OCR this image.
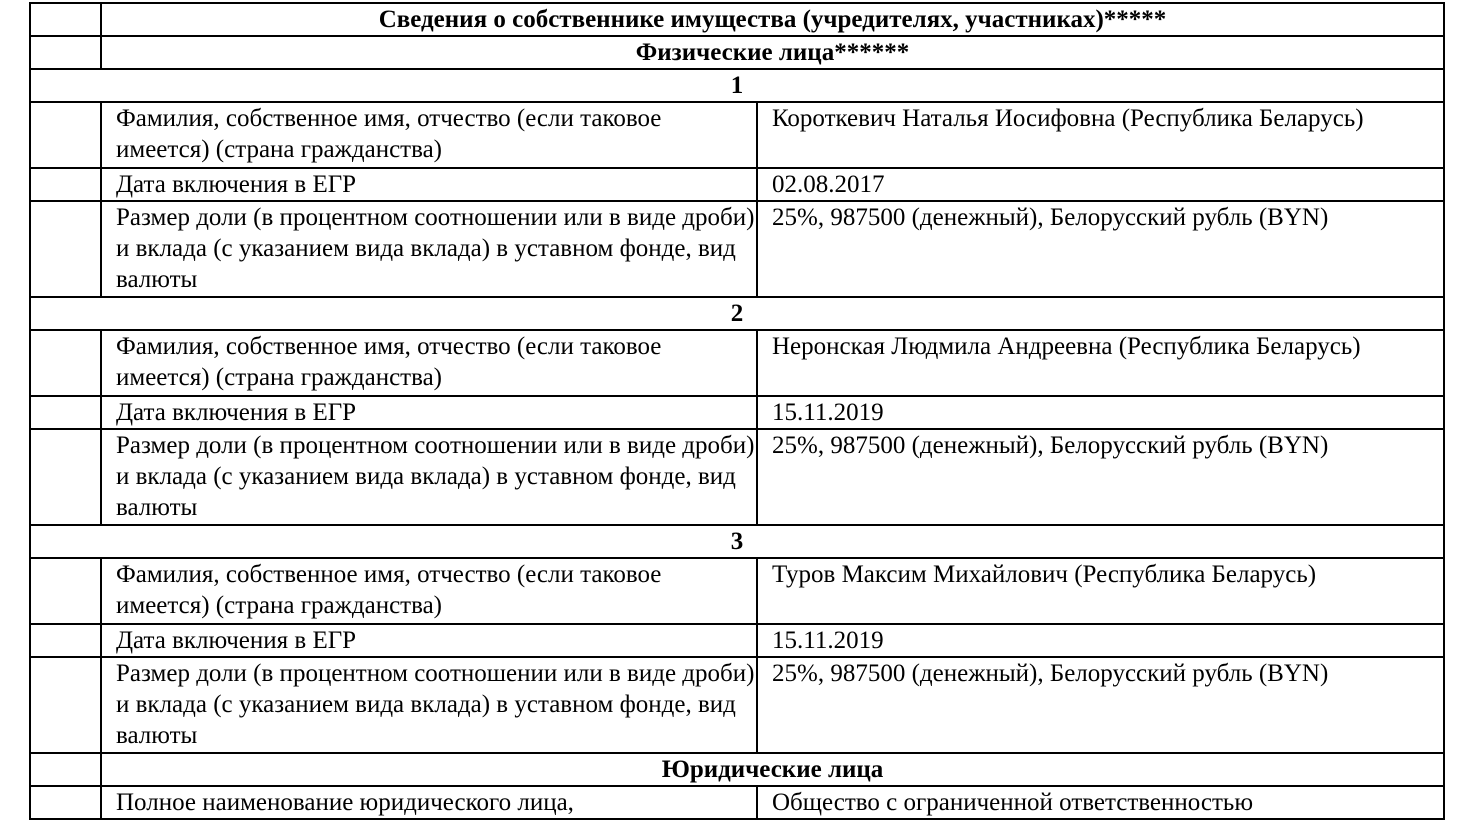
	Сведения о собственнике имущества (учредителях, участниках)*****	
	Физические лица******	
1		
	Фамилия, собственное имя, отчество (если таковое имеется) (страна гражданства)	Короткевич Наталья Иосифовна (Республика Беларусь)
	Дата включения в ЕГР	02.08.2017
	Размер доли (в процентном соотношении или в виде дроби) и вклада (с указанием вида вклада) в уставном фонде, вид валюты	25%, 987500 (денежный), Белорусский рубль (BYN)
2		
	Фамилия, собственное имя, отчество (если таковое имеется) (страна гражданства)	Неронская Людмила Андреевна (Республика Беларусь)
	Дата включения в ЕГР	15.11.2019
	Размер доли (в процентном соотношении или в виде дроби) и вклада (с указанием вида вклада) в уставном фонде, вид валюты	25%, 987500 (денежный), Белорусский рубль (BYN)
3		
	Фамилия, собственное имя, отчество (если таковое имеется) (страна гражданства)	Туров Максим Михайлович (Республика Беларусь)
	Дата включения в ЕГР	15.11.2019
	Размер доли (в процентном соотношении или в виде дроби) и вклада (с указанием вида вклада) в уставном фонде, вид валюты	25%, 987500 (денежный), Белорусский рубль (BYN)
	Юридические лица	
	Полное наименование юридического лица,	Общество с ограниченной ответственностью
